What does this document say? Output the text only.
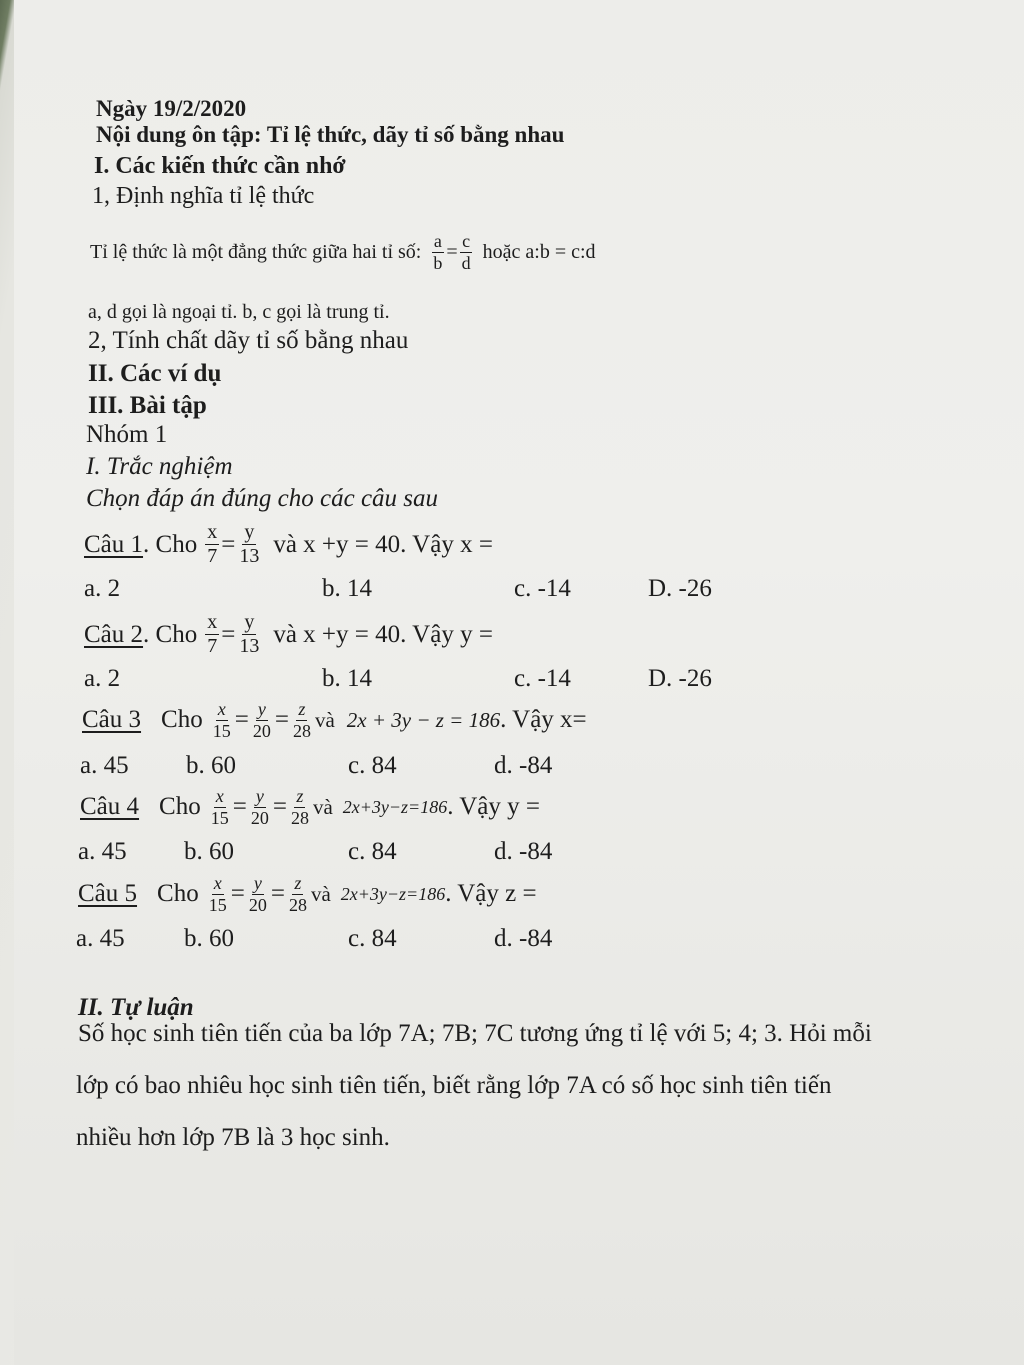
Ngày 19/2/2020
Nội dung ôn tập: Tỉ lệ thức, dãy tỉ số bằng nhau
I. Các kiến thức cần nhớ
1, Định nghĩa tỉ lệ thức
Tỉ lệ thức là một đẳng thức giữa hai tỉ số: $\frac{a}{b} = \frac{c}{d}$ hoặc a:b = c:d
a, d gọi là ngoại tỉ. b, c gọi là trung tỉ.
2, Tính chất dãy tỉ số bằng nhau
II. Các ví dụ
III. Bài tập
Nhóm 1
I. Trắc nghiệm
Chọn đáp án đúng cho các câu sau
Câu 1 . Cho $\frac{x}{7} = \frac{y}{13}$ và x +y = 40. Vậy x =
a. 2	b. 14	c. -14	D. -26
Câu 2 . Cho $\frac{x}{7} = \frac{y}{13}$ và x +y = 40. Vậy y =
a. 2	b. 14	c. -14	D. -26
Câu 3 Cho $\frac{x}{15} = \frac{y}{20} = \frac{z}{28}$ và 2x + 3y − z = 186 . Vậy x=
a. 45 b. 60	c. 84	d. -84
Câu 4 Cho $\frac{x}{15} = \frac{y}{20} = \frac{z}{28}$ và 2x+3y−z=186 . Vậy y =
a. 45 b. 60	c. 84	d. -84
Câu 5 Cho $\frac{x}{15} = \frac{y}{20} = \frac{z}{28}$ và 2x+3y−z=186 . Vậy z =
a. 45 b. 60	c. 84	d. -84
II. Tự luận
Số học sinh tiên tiến của ba lớp 7A; 7B; 7C tương ứng tỉ lệ với 5; 4; 3. Hỏi mỗi
lớp có bao nhiêu học sinh tiên tiến, biết rằng lớp 7A có số học sinh tiên tiến
nhiều hơn lớp 7B là 3 học sinh.
